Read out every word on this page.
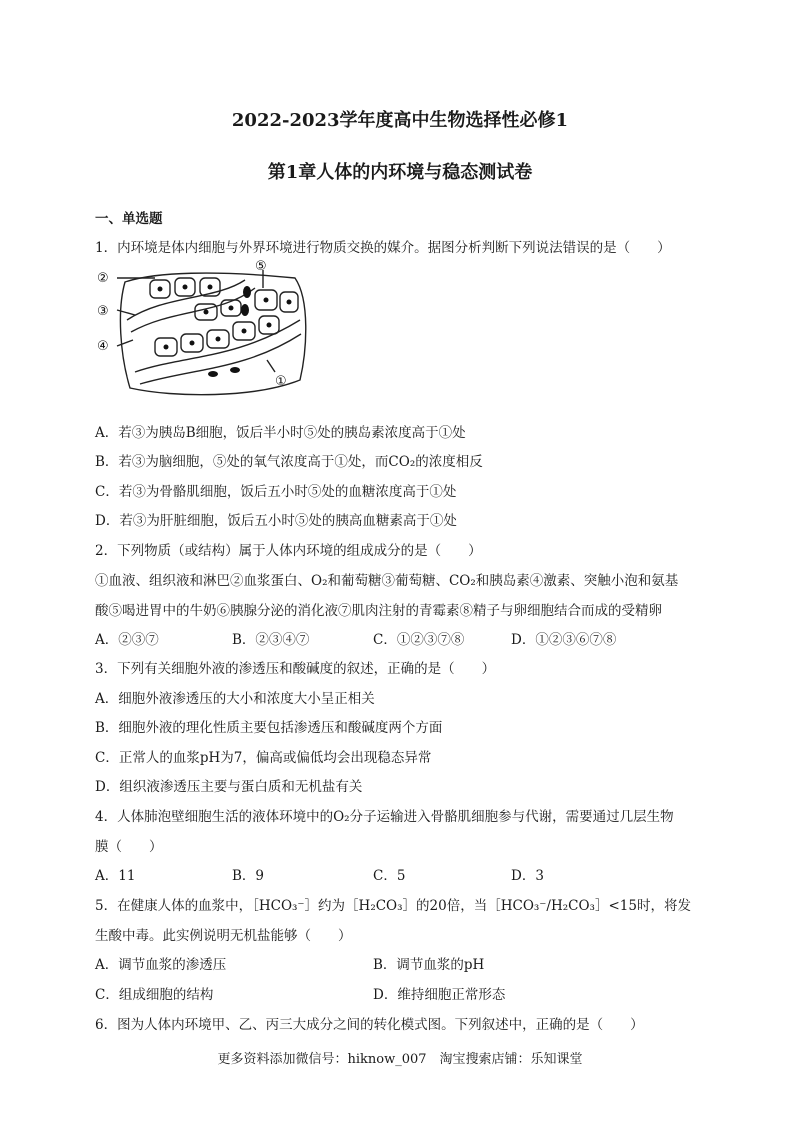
2022-2023学年度高中生物选择性必修1
第1章人体的内环境与稳态测试卷
一、单选题
1．内环境是体内细胞与外界环境进行物质交换的媒介。据图分析判断下列说法错误的是（　　）
②
③
④
⑤
①
A．若③为胰岛B细胞，饭后半小时⑤处的胰岛素浓度高于①处
B．若③为脑细胞，⑤处的氧气浓度高于①处，而CO₂的浓度相反
C．若③为骨骼肌细胞，饭后五小时⑤处的血糖浓度高于①处
D．若③为肝脏细胞，饭后五小时⑤处的胰高血糖素高于①处
2．下列物质（或结构）属于人体内环境的组成成分的是（　　）
①血液、组织液和淋巴②血浆蛋白、O₂和葡萄糖③葡萄糖、CO₂和胰岛素④激素、突触小泡和氨基
酸⑤喝进胃中的牛奶⑥胰腺分泌的消化液⑦肌肉注射的青霉素⑧精子与卵细胞结合而成的受精卵
A．②③⑦	B．②③④⑦	C．①②③⑦⑧	D．①②③⑥⑦⑧
3．下列有关细胞外液的渗透压和酸碱度的叙述，正确的是（　　）
A．细胞外液渗透压的大小和浓度大小呈正相关
B．细胞外液的理化性质主要包括渗透压和酸碱度两个方面
C．正常人的血浆pH为7，偏高或偏低均会出现稳态异常
D．组织液渗透压主要与蛋白质和无机盐有关
4．人体肺泡壁细胞生活的液体环境中的O₂分子运输进入骨骼肌细胞参与代谢，需要通过几层生物
膜（　　）
A．11	B．9	C．5	D．3
5．在健康人体的血浆中，［HCO₃⁻］约为［H₂CO₃］的20倍，当［HCO₃⁻/H₂CO₃］<15时，将发
生酸中毒。此实例说明无机盐能够（　　）
A．调节血浆的渗透压	B．调节血浆的pH
C．组成细胞的结构	D．维持细胞正常形态
6．图为人体内环境甲、乙、丙三大成分之间的转化模式图。下列叙述中，正确的是（　　）
更多资料添加微信号：hiknow_007　淘宝搜索店铺：乐知课堂
